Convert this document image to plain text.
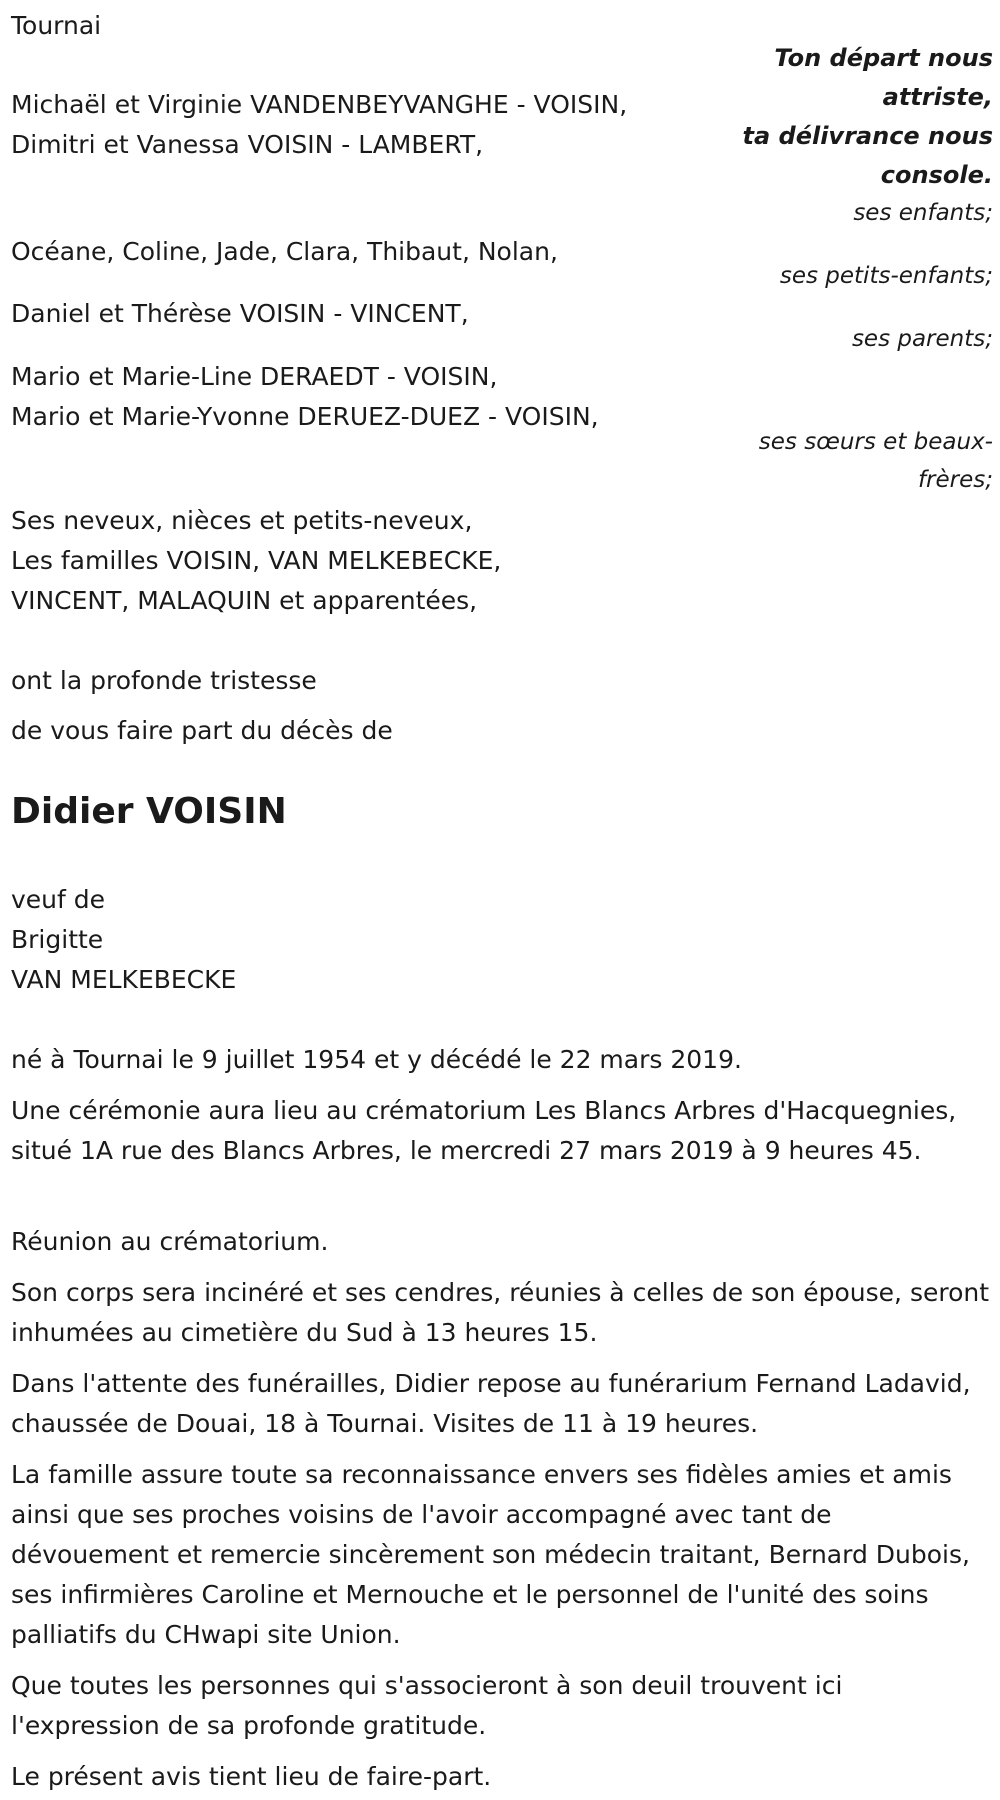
Tournai
Ton départ nous
attriste,
ta délivrance nous
console.
Michaël et Virginie VANDENBEYVANGHE - VOISIN,
Dimitri et Vanessa VOISIN - LAMBERT,
ses enfants;
Océane, Coline, Jade, Clara, Thibaut, Nolan,
ses petits-enfants;
Daniel et Thérèse VOISIN - VINCENT,
ses parents;
Mario et Marie-Line DERAEDT - VOISIN,
Mario et Marie-Yvonne DERUEZ-DUEZ - VOISIN,
ses sœurs et beaux-
frères;
Ses neveux, nièces et petits-neveux,
Les familles VOISIN, VAN MELKEBECKE,
VINCENT, MALAQUIN et apparentées,
ont la profonde tristesse
de vous faire part du décès de
Didier VOISIN
veuf de
Brigitte
VAN MELKEBECKE
né à Tournai le 9 juillet 1954 et y décédé le 22 mars 2019.
Une cérémonie aura lieu au crématorium Les Blancs Arbres d'Hacquegnies, situé 1A rue des Blancs Arbres, le mercredi 27 mars 2019 à 9 heures 45.
Réunion au crématorium.
Son corps sera incinéré et ses cendres, réunies à celles de son épouse, seront inhumées au cimetière du Sud à 13 heures 15.
Dans l'attente des funérailles, Didier repose au funérarium Fernand Ladavid, chaussée de Douai, 18 à Tournai. Visites de 11 à 19 heures.
La famille assure toute sa reconnaissance envers ses fidèles amies et amis ainsi que ses proches voisins de l'avoir accompagné avec tant de dévouement et remercie sincèrement son médecin traitant, Bernard Dubois, ses infirmières Caroline et Mernouche et le personnel de l'unité des soins palliatifs du CHwapi site Union.
Que toutes les personnes qui s'associeront à son deuil trouvent ici l'expression de sa profonde gratitude.
Le présent avis tient lieu de faire-part.
